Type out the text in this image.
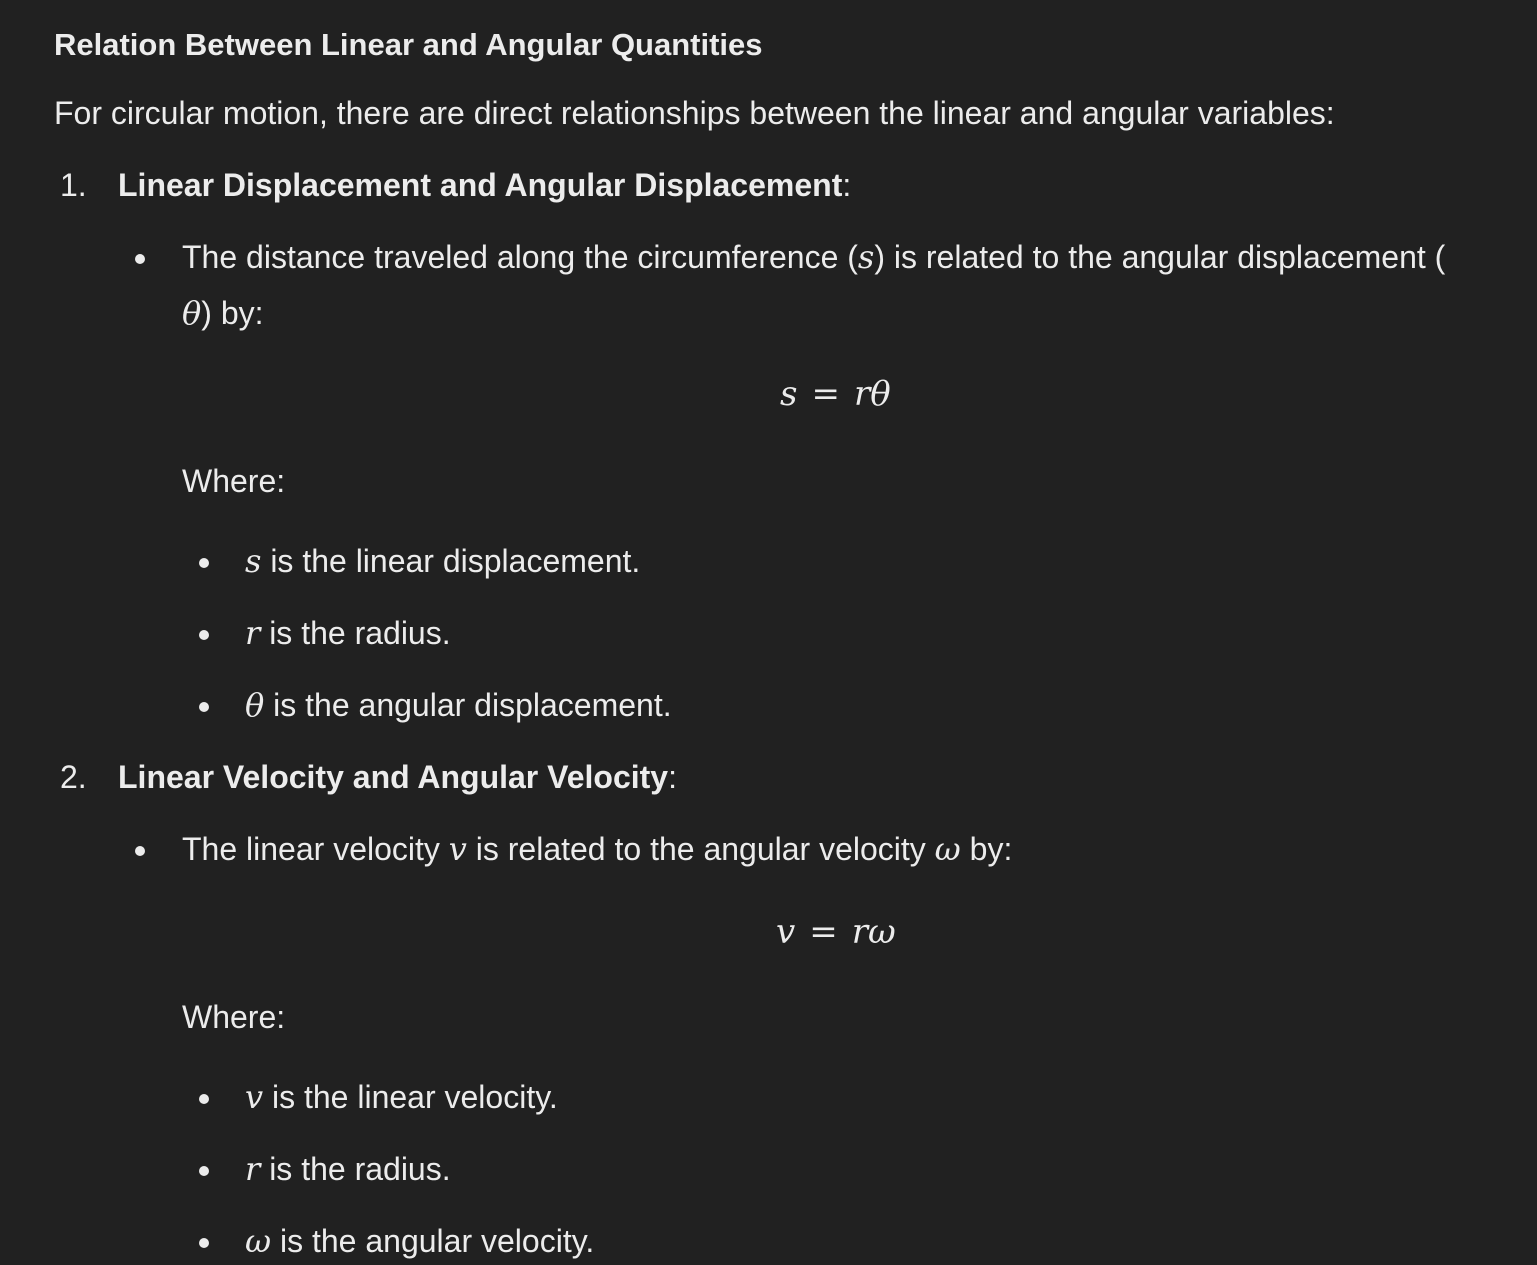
Relation Between Linear and Angular Quantities
For circular motion, there are direct relationships between the linear and angular variables:
1. Linear Displacement and Angular Displacement:
The distance traveled along the circumference (s) is related to the angular displacement (
θ) by:
s = rθ
Where:
s is the linear displacement.
r is the radius.
θ is the angular displacement.
2. Linear Velocity and Angular Velocity:
The linear velocity v is related to the angular velocity ω by:
v = rω
Where:
v is the linear velocity.
r is the radius.
ω is the angular velocity.
